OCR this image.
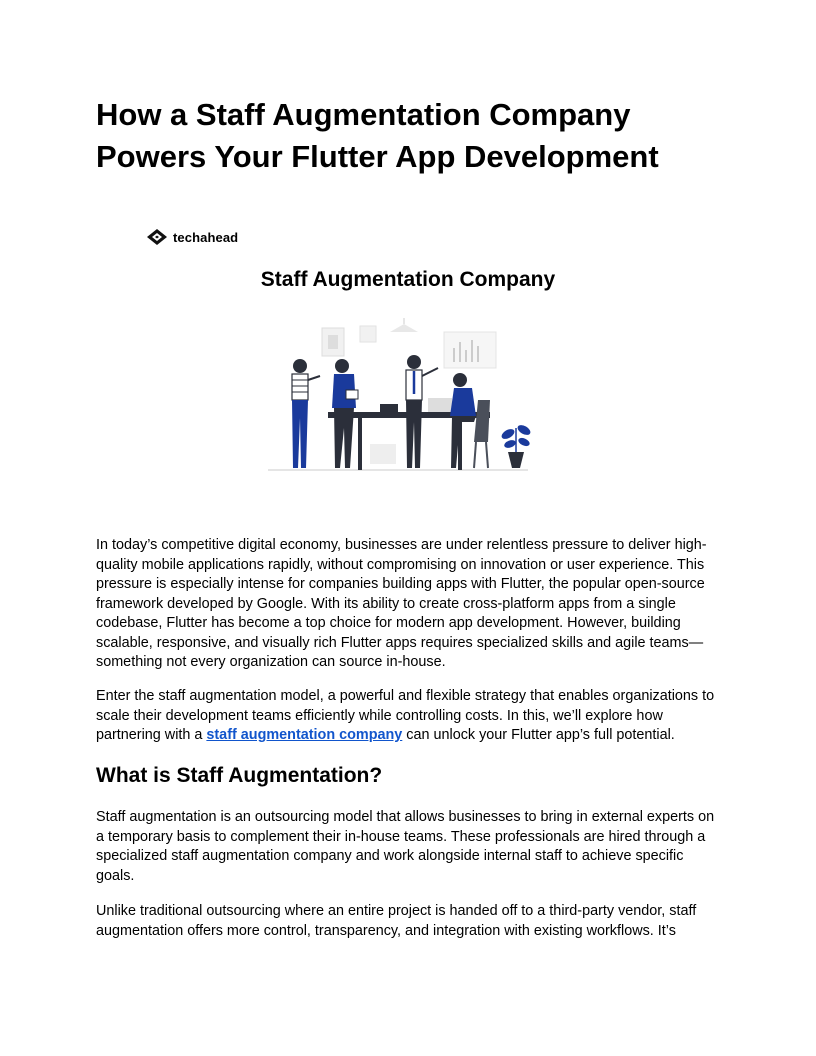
How a Staff Augmentation Company Powers Your Flutter App Development
techahead
Staff Augmentation Company

In today’s competitive digital economy, businesses are under relentless pressure to deliver high-quality mobile applications rapidly, without compromising on innovation or user experience. This pressure is especially intense for companies building apps with Flutter, the popular open-source framework developed by Google. With its ability to create cross-platform apps from a single codebase, Flutter has become a top choice for modern app development. However, building scalable, responsive, and visually rich Flutter apps requires specialized skills and agile teams—something not every organization can source in-house.

Enter the staff augmentation model, a powerful and flexible strategy that enables organizations to scale their development teams efficiently while controlling costs. In this, we’ll explore how partnering with a staff augmentation company can unlock your Flutter app’s full potential.

What is Staff Augmentation?

Staff augmentation is an outsourcing model that allows businesses to bring in external experts on a temporary basis to complement their in-house teams. These professionals are hired through a specialized staff augmentation company and work alongside internal staff to achieve specific goals.

Unlike traditional outsourcing where an entire project is handed off to a third-party vendor, staff augmentation offers more control, transparency, and integration with existing workflows. It’s
